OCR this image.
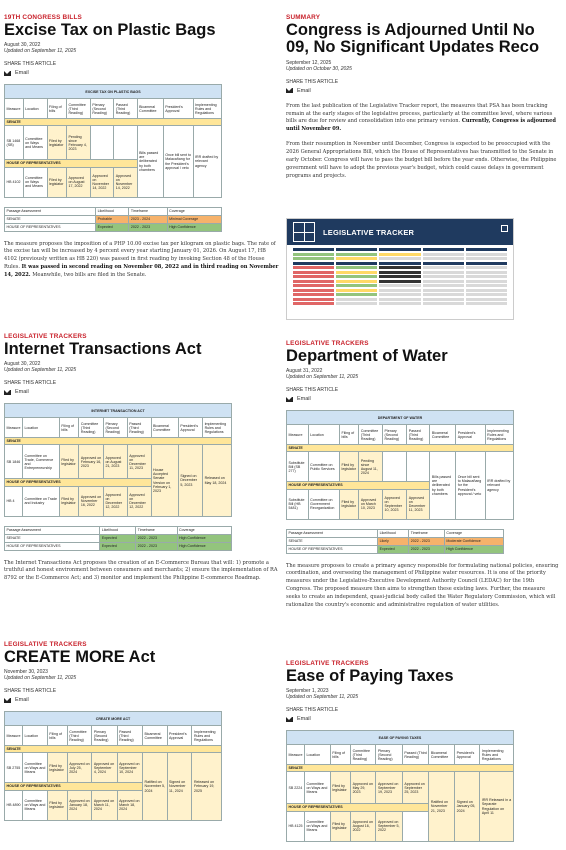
19TH CONGRESS BILLS
Excise Tax on Plastic Bags
August 30, 2022
Updated on September 11, 2025
SHARE THIS ARTICLE
Email
EXCISE TAX ON PLASTIC BAGS								
Measure	Location	Filing of bills	Committee (Third Reading)	Plenary (Second Reading)	Passed (Third Reading)	Bicameral Committee	President's Approval	Implementing Rules and Regulations
SENATE								
SB 1468 (SB)	Committee on Ways and Means	Filed by legislator	Pending since February 4, 2023			Bills passed are deliberated by both chambers	Once bill sent to Malacañang for the President's approval / veto	IRR drafted by relevant agency
HOUSE OF REPRESENTATIVES								
HB 4102	Committee on Ways and Means	Filed by legislator	Approved on August 17, 2022	Approved on November 14, 2022	Approved on November 14, 2022			
Passage Assessment	Likelihood	Timeframe	Coverage
SENATE	Probable	2023 - 2024	Minimal Coverage
HOUSE OF REPRESENTATIVES	Expected	2022 - 2023	High Confidence

The measure proposes the imposition of a PHP 10.00 excise tax per kilogram on plastic bags. The rate of the excise tax will be increased by 4 percent every year starting January 01, 2026. On August 17, HB 4102 (previously written as HB 220) was passed in first reading by invoking Section 48 of the House Rules. It was passed in second reading on November 08, 2022 and in third reading on November 14, 2022. Meanwhile, two bills are filed in the Senate.

SUMMARY
Congress is Adjourned Until No
09, No Significant Updates Reco
September 12, 2025
Updated on October 30, 2025
SHARE THIS ARTICLE
Email

From the last publication of the Legislative Tracker report, the measures that PSA has been tracking remain at the early stages of the legislative process, particularly at the committee level, where various bills are due for review and consolidation into one primary version. Currently, Congress is adjourned until November 09.

From their resumption in November until December, Congress is expected to be preoccupied with the 2026 General Appropriations Bill, which the House of Representatives has transmitted to the Senate in early October. Congress will have to pass the budget bill before the year ends. Otherwise, the Philippine government will have to adopt the previous year's budget, which could cause delays in government programs and projects.

LEGISLATIVE TRACKER
LEGISLATIVE TRACKERS
Internet Transactions Act
August 30, 2022
Updated on September 11, 2025
SHARE THIS ARTICLE
Email
INTERNET TRANSACTION ACT								
Measure	Location	Filing of bills	Committee (Third Reading)	Plenary (Second Reading)	Passed (Third Reading)	Bicameral Committee	President's Approval	Implementing Rules and Regulations
SENATE								
SB 1846	Committee on Trade, Commerce and Entrepreneurship	Filed by legislator	Approved on February 16, 2023	Approved on August 21, 2023	Approved on December 11, 2023	House Accepted Senate Version on February 1, 2023	Signed on December 5, 2023	Released on May 18, 2024
HOUSE OF REPRESENTATIVES								
HB 4	Committee on Trade and Industry	Filed by legislator	Approved on November 16, 2022	Approved on December 12, 2022	Approved on December 12, 2022			
Passage Assessment	Likelihood	Timeframe	Coverage
SENATE	Expected	2022 - 2023	High Confidence
HOUSE OF REPRESENTATIVES	Expected	2022 - 2023	High Confidence

The Internet Transactions Act proposes the creation of an E-Commerce Bureau that will: 1) promote a truthful and honest environment between consumers and merchants; 2) ensure the implementation of RA 8792 or the E-Commerce Act; and 3) monitor and implement the Philippine E-commerce Roadmap.

LEGISLATIVE TRACKERS
Department of Water
August 31, 2022
Updated on September 11, 2025
SHARE THIS ARTICLE
Email
DEPARTMENT OF WATER								
Measure	Location	Filing of bills	Committee (Third Reading)	Plenary (Second Reading)	Passed (Third Reading)	Bicameral Committee	President's Approval	Implementing Rules and Regulations
SENATE								
Substitute Bill (SB 277)	Committee on Public Services	Filed by legislator	Pending since August 11, 2024			Bills passed are deliberated by both chambers	Once bill sent to Malacañang for the President's approval / veto	IRR drafted by relevant agency
HOUSE OF REPRESENTATIVES								
Substitute Bill (HB 5481)	Committee on Government Reorganization	Filed by legislator	Approved on March 10, 2023	Approved on September 10, 2023	Approved on December 11, 2023			
Passage Assessment	Likelihood	Timeframe	Coverage
SENATE	Likely	2022 - 2023	Moderate Confidence
HOUSE OF REPRESENTATIVES	Expected	2022 - 2023	High Confidence

The measure proposes to create a primary agency responsible for formulating national policies, ensuring coordination, and overseeing the management of Philippine water resources. It is one of the priority measures under the Legislative-Executive Development Authority Council (LEDAC) for the 19th Congress. The proposed measure then aims to strengthen these existing laws. Further, the measure seeks to create an independent, quasi-judicial body called the Water Regulatory Commission, which will rationalize the country's economic and administrative regulation of water utilities.

LEGISLATIVE TRACKERS
CREATE MORE Act
November 30, 2023
Updated on September 11, 2025
SHARE THIS ARTICLE
Email
CREATE MORE ACT								
Measure	Location	Filing of bills	Committee (Third Reading)	Plenary (Second Reading)	Passed (Third Reading)	Bicameral Committee	President's Approval	Implementing Rules and Regulations
SENATE								
SB 2755	Committee on Ways and Means	Filed by legislator	Approved on July 25, 2024	Approved on September 4, 2024	Approved on September 10, 2024	Ratified on November 5, 2024	Signed on November 11, 2024	Released on February 19, 2025
HOUSE OF REPRESENTATIVES								
HB 4890	Committee on Ways and Means	Filed by legislator	Approved on January 18, 2024	Approved on March 11, 2024	Approved on March 18, 2024			
LEGISLATIVE TRACKERS
Ease of Paying Taxes
September 1, 2023
Updated on September 11, 2025
SHARE THIS ARTICLE
Email
EASE OF PAYING TAXES								
Measure	Location	Filing of bills	Committee (Third Reading)	Plenary (Second Reading)	Passed (Third Reading)	Bicameral Committee	President's Approval	Implementing Rules and Regulations
SENATE								
SB 2224	Committee on Ways and Means	Filed by legislator	Approved on May 29, 2023	Approved on September 19, 2023	Approved on September 25, 2023	Ratified on November 21, 2023	Signed on January 05, 2024	IRR Released in a Separate Regulation on April 11
HOUSE OF REPRESENTATIVES								
HB 4125	Committee on Ways and Means	Filed by legislator	Approved on August 16, 2022	Approved on September 5, 2022				
